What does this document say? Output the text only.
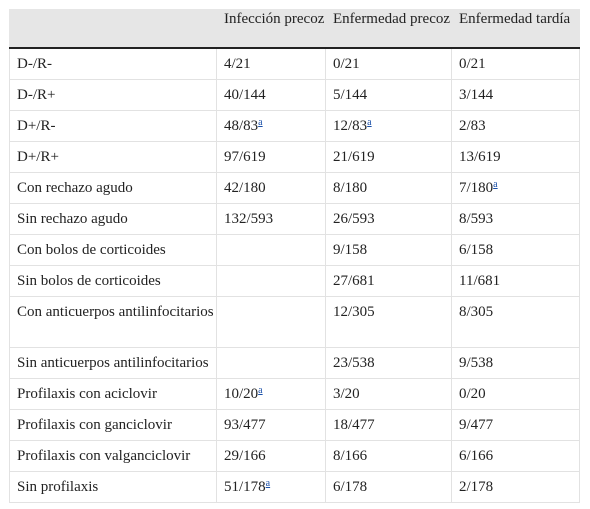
	Infección precoz	Enfermedad precoz	Enfermedad tardía
D-/R-	4/21	0/21	0/21
D-/R+	40/144	5/144	3/144
D+/R-	48/83$^a$	12/83$^a$	2/83
D+/R+	97/619	21/619	13/619
Con rechazo agudo	42/180	8/180	7/180$^a$
Sin rechazo agudo	132/593	26/593	8/593
Con bolos de corticoides		9/158	6/158
Sin bolos de corticoides		27/681	11/681
Con anticuerpos antilinfocitarios		12/305	8/305
Sin anticuerpos antilinfocitarios		23/538	9/538
Profilaxis con aciclovir	10/20$^a$	3/20	0/20
Profilaxis con ganciclovir	93/477	18/477	9/477
Profilaxis con valganciclovir	29/166	8/166	6/166
Sin profilaxis	51/178$^a$	6/178	2/178
